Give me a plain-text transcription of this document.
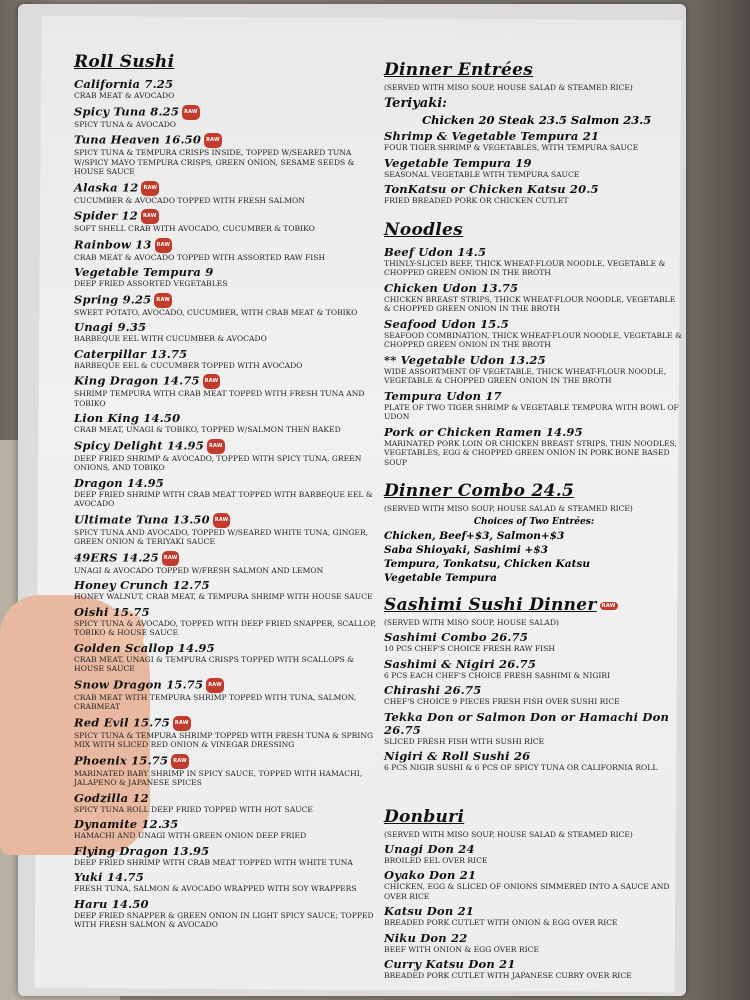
Roll Sushi
California 7.25
CRAB MEAT & AVOCADO
Spicy Tuna 8.25 RAW
SPICY TUNA & AVOCADO
Tuna Heaven 16.50 RAW
SPICY TUNA & TEMPURA CRISPS INSIDE, TOPPED W/SEARED TUNA W/SPICY MAYO TEMPURA CRISPS, GREEN ONION, SESAME SEEDS & HOUSE SAUCE
Alaska 12 RAW
CUCUMBER & AVOCADO TOPPED WITH FRESH SALMON
Spider 12 RAW
SOFT SHELL CRAB WITH AVOCADO, CUCUMBER & TOBIKO
Rainbow 13 RAW
CRAB MEAT & AVOCADO TOPPED WITH ASSORTED RAW FISH
Vegetable Tempura 9
DEEP FRIED ASSORTED VEGETABLES
Spring 9.25 RAW
SWEET POTATO, AVOCADO, CUCUMBER, WITH CRAB MEAT & TOBIKO
Unagi 9.35
BARBEQUE EEL WITH CUCUMBER & AVOCADO
Caterpillar 13.75
BARBEQUE EEL & CUCUMBER TOPPED WITH AVOCADO
King Dragon 14.75 RAW
SHRIMP TEMPURA WITH CRAB MEAT TOPPED WITH FRESH TUNA AND TOBIKO
Lion King 14.50
CRAB MEAT, UNAGI & TOBIKO, TOPPED W/SALMON THEN BAKED
Spicy Delight 14.95 RAW
DEEP FRIED SHRIMP & AVOCADO, TOPPED WITH SPICY TUNA, GREEN ONIONS, AND TOBIKO
Dragon 14.95
DEEP FRIED SHRIMP WITH CRAB MEAT TOPPED WITH BARBEQUE EEL & AVOCADO
Ultimate Tuna 13.50 RAW
SPICY TUNA AND AVOCADO, TOPPED W/SEARED WHITE TUNA, GINGER, GREEN ONION & TERIYAKI SAUCE
49ERS 14.25 RAW
UNAGI & AVOCADO TOPPED W/FRESH SALMON AND LEMON
Honey Crunch 12.75
HONEY WALNUT, CRAB MEAT, & TEMPURA SHRIMP WITH HOUSE SAUCE
Oishi 15.75
SPICY TUNA & AVOCADO, TOPPED WITH DEEP FRIED SNAPPER, SCALLOP, TOBIKO & HOUSE SAUCE
Golden Scallop 14.95
CRAB MEAT, UNAGI & TEMPURA CRISPS TOPPED WITH SCALLOPS & HOUSE SAUCE
Snow Dragon 15.75 RAW
CRAB MEAT WITH TEMPURA SHRIMP TOPPED WITH TUNA, SALMON, CRABMEAT
Red Evil 15.75 RAW
SPICY TUNA & TEMPURA SHRIMP TOPPED WITH FRESH TUNA & SPRING MIX WITH SLICED RED ONION & VINEGAR DRESSING
Phoenix 15.75 RAW
MARINATED BABY SHRIMP IN SPICY SAUCE, TOPPED WITH HAMACHI, JALAPENO & JAPANESE SPICES
Godzilla 12
SPICY TUNA ROLL DEEP FRIED TOPPED WITH HOT SAUCE
Dynamite 12.35
HAMACHI AND UNAGI WITH GREEN ONION DEEP FRIED
Flying Dragon 13.95
DEEP FRIED SHRIMP WITH CRAB MEAT TOPPED WITH WHITE TUNA
Yuki 14.75
FRESH TUNA, SALMON & AVOCADO WRAPPED WITH SOY WRAPPERS
Haru 14.50
DEEP FRIED SNAPPER & GREEN ONION IN LIGHT SPICY SAUCE; TOPPED WITH FRESH SALMON & AVOCADO
Dinner Entrées
(SERVED WITH MISO SOUP, HOUSE SALAD & STEAMED RICE)
Teriyaki:
Chicken 20 Steak 23.5 Salmon 23.5
Shrimp & Vegetable Tempura 21
FOUR TIGER SHRIMP & VEGETABLES, WITH TEMPURA SAUCE
Vegetable Tempura 19
SEASONAL VEGETABLE WITH TEMPURA SAUCE
TonKatsu or Chicken Katsu 20.5
FRIED BREADED PORK OR CHICKEN CUTLET
Noodles
Beef Udon 14.5
THINLY-SLICED BEEF, THICK WHEAT-FLOUR NOODLE, VEGETABLE & CHOPPED GREEN ONION IN THE BROTH
Chicken Udon 13.75
CHICKEN BREAST STRIPS, THICK WHEAT-FLOUR NOODLE, VEGETABLE & CHOPPED GREEN ONION IN THE BROTH
Seafood Udon 15.5
SEAFOOD COMBINATION, THICK WHEAT-FLOUR NOODLE, VEGETABLE & CHOPPED GREEN ONION IN THE BROTH
** Vegetable Udon 13.25
WIDE ASSORTMENT OF VEGETABLE, THICK WHEAT-FLOUR NOODLE, VEGETABLE & CHOPPED GREEN ONION IN THE BROTH
Tempura Udon 17
PLATE OF TWO TIGER SHRIMP & VEGETABLE TEMPURA WITH BOWL OF UDON
Pork or Chicken Ramen 14.95
MARINATED PORK LOIN OR CHICKEN BREAST STRIPS, THIN NOODLES, VEGETABLES, EGG & CHOPPED GREEN ONION IN PORK BONE BASED SOUP
Dinner Combo 24.5
(SERVED WITH MISO SOUP, HOUSE SALAD & STEAMED RICE)
Choices of Two Entrées:
Chicken, Beef+$3, Salmon+$3
Saba Shioyaki, Sashimi +$3
Tempura, Tonkatsu, Chicken Katsu
Vegetable Tempura
Sashimi Sushi Dinner RAW
(SERVED WITH MISO SOUP, HOUSE SALAD)
Sashimi Combo 26.75
10 PCS CHEF'S CHOICE FRESH RAW FISH
Sashimi & Nigiri 26.75
6 PCS EACH CHEF'S CHOICE FRESH SASHIMI & NIGIRI
Chirashi 26.75
CHEF'S CHOICE 9 PIECES FRESH FISH OVER SUSHI RICE
Tekka Don or Salmon Don or Hamachi Don 26.75
SLICED FRESH FISH WITH SUSHI RICE
Nigiri & Roll Sushi 26
6 PCS NIGIR SUSHI & 6 PCS OF SPICY TUNA OR CALIFORNIA ROLL
Donburi
(SERVED WITH MISO SOUP, HOUSE SALAD & STEAMED RICE)
Unagi Don 24
BROILED EEL OVER RICE
Oyako Don 21
CHICKEN, EGG & SLICED OF ONIONS SIMMERED INTO A SAUCE AND OVER RICE
Katsu Don 21
BREADED PORK CUTLET WITH ONION & EGG OVER RICE
Niku Don 22
BEEF WITH ONION & EGG OVER RICE
Curry Katsu Don 21
BREADED PORK CUTLET WITH JAPANESE CURRY OVER RICE
